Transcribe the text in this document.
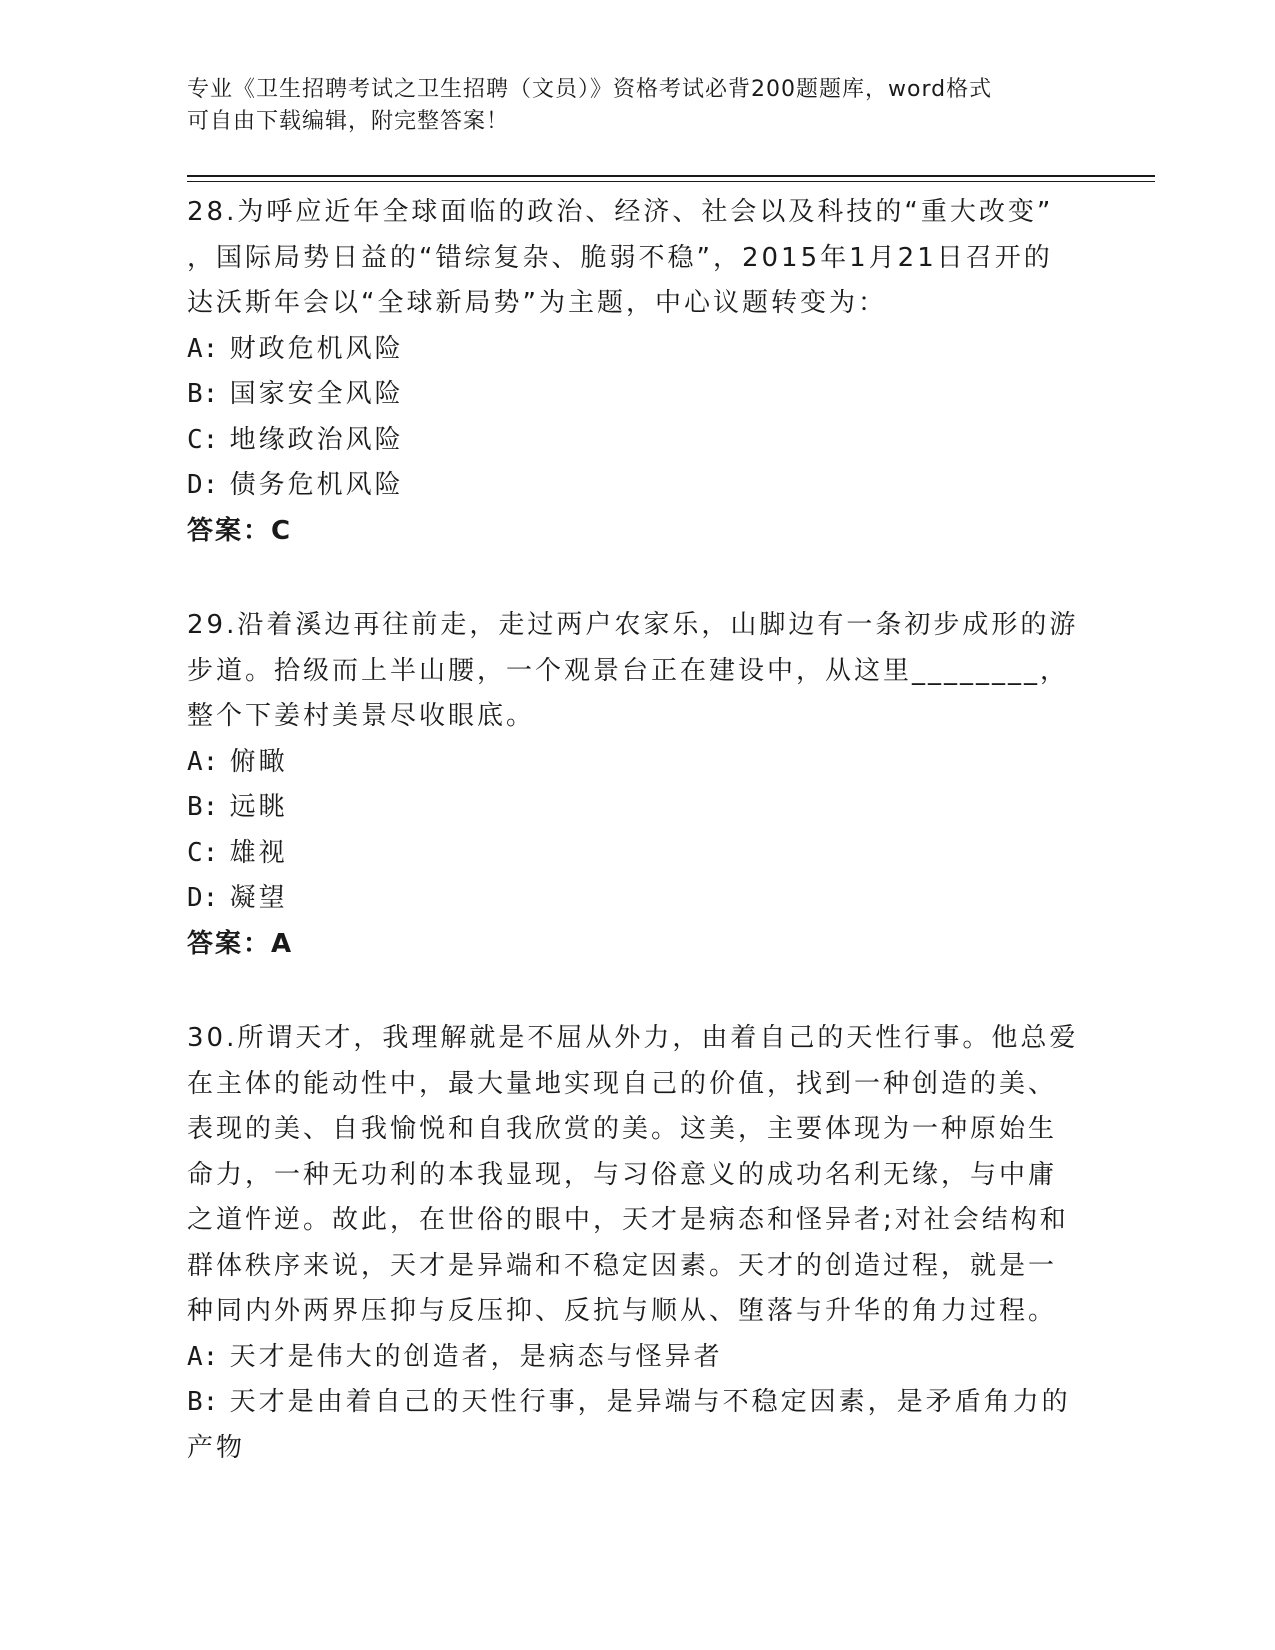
专业《卫生招聘考试之卫生招聘（文员）》资格考试必背200题题库，word格式
可自由下载编辑，附完整答案！
28.为呼应近年全球面临的政治、经济、社会以及科技的“重大改变”
，国际局势日益的“错综复杂、脆弱不稳”，2015年1月21日召开的
达沃斯年会以“全球新局势”为主题，中心议题转变为：
A: 财政危机风险
B: 国家安全风险
C: 地缘政治风险
D: 债务危机风险
答案：C
29.沿着溪边再往前走，走过两户农家乐，山脚边有一条初步成形的游
步道。拾级而上半山腰，一个观景台正在建设中，从这里________，
整个下姜村美景尽收眼底。
A: 俯瞰
B: 远眺
C: 雄视
D: 凝望
答案：A
30.所谓天才，我理解就是不屈从外力，由着自己的天性行事。他总爱
在主体的能动性中，最大量地实现自己的价值，找到一种创造的美、
表现的美、自我愉悦和自我欣赏的美。这美，主要体现为一种原始生
命力，一种无功利的本我显现，与习俗意义的成功名利无缘，与中庸
之道忤逆。故此，在世俗的眼中，天才是病态和怪异者;对社会结构和
群体秩序来说，天才是异端和不稳定因素。天才的创造过程，就是一
种同内外两界压抑与反压抑、反抗与顺从、堕落与升华的角力过程。
A: 天才是伟大的创造者，是病态与怪异者
B: 天才是由着自己的天性行事，是异端与不稳定因素，是矛盾角力的
产物
